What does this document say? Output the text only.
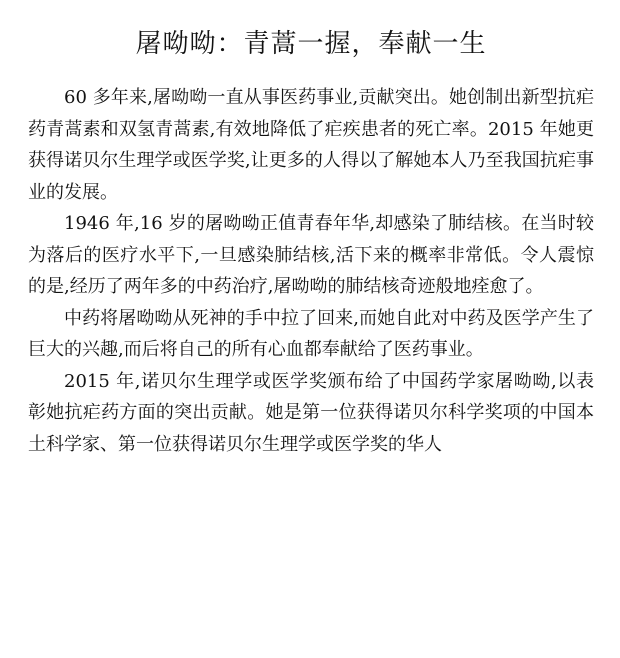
屠呦呦：青蒿一握，奉献一生

60 多年来,屠呦呦一直从事医药事业,贡献突出。她创制出新型抗疟药青蒿素和双氢青蒿素,有效地降低了疟疾患者的死亡率。2015 年她更获得诺贝尔生理学或医学奖,让更多的人得以了解她本人乃至我国抗疟事业的发展。

1946 年,16 岁的屠呦呦正值青春年华,却感染了肺结核。在当时较为落后的医疗水平下,一旦感染肺结核,活下来的概率非常低。令人震惊的是,经历了两年多的中药治疗,屠呦呦的肺结核奇迹般地痊愈了。

中药将屠呦呦从死神的手中拉了回来,而她自此对中药及医学产生了巨大的兴趣,而后将自己的所有心血都奉献给了医药事业。

2015 年,诺贝尔生理学或医学奖颁布给了中国药学家屠呦呦,以表彰她抗疟药方面的突出贡献。她是第一位获得诺贝尔科学奖项的中国本土科学家、第一位获得诺贝尔生理学或医学奖的华人
